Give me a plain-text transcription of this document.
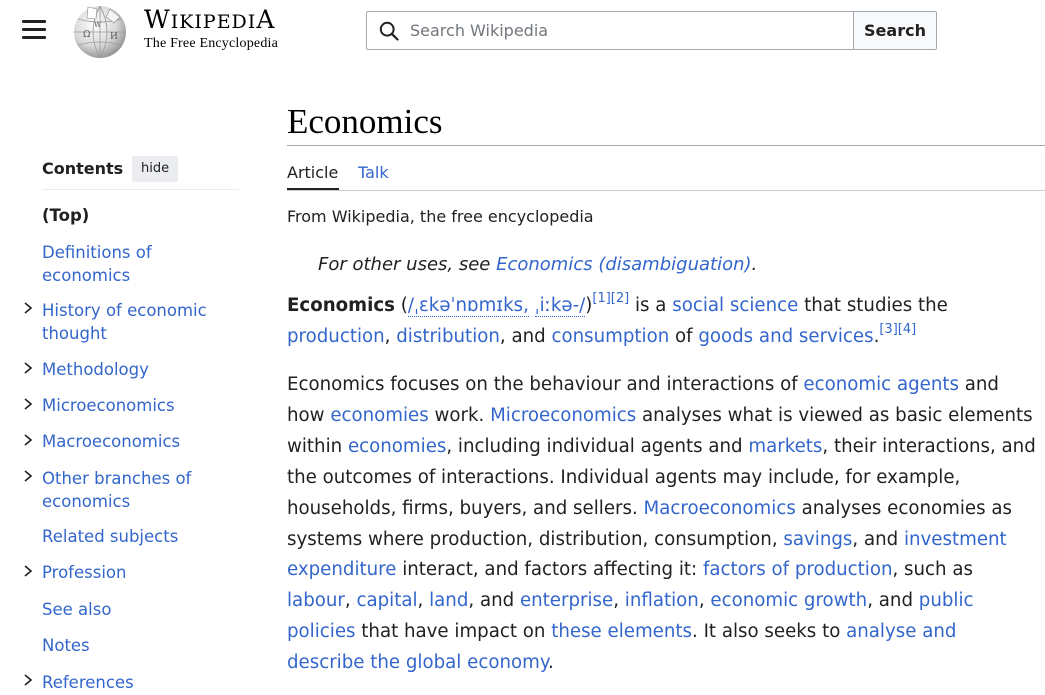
Ω И
W WIKIPEDIA
The Free Encyclopedia
Search Wikipedia
Search
Economics
Article Talk
Contents	hide
(Top)
Definitions of economics
History of economic thought
Methodology
Microeconomics
Macroeconomics
Other branches of economics
Related subjects
Profession
See also
Notes
References
From Wikipedia, the free encyclopedia
For other uses, see Economics (disambiguation).

Economics (/ˌɛkəˈnɒmɪks, ˌiːkə-/)[1][2] is a social science that studies the
production, distribution, and consumption of goods and services.[3][4]

Economics focuses on the behaviour and interactions of economic agents and how economies work. Microeconomics analyses what is viewed as basic elements within economies, including individual agents and markets, their interactions, and the outcomes of interactions. Individual agents may include, for example, households, firms, buyers, and sellers. Macroeconomics analyses economies as systems where production, distribution, consumption, savings, and investment expenditure interact, and factors affecting it: factors of production, such as labour, capital, land, and enterprise, inflation, economic growth, and public policies that have impact on these elements. It also seeks to analyse and describe the global economy.
